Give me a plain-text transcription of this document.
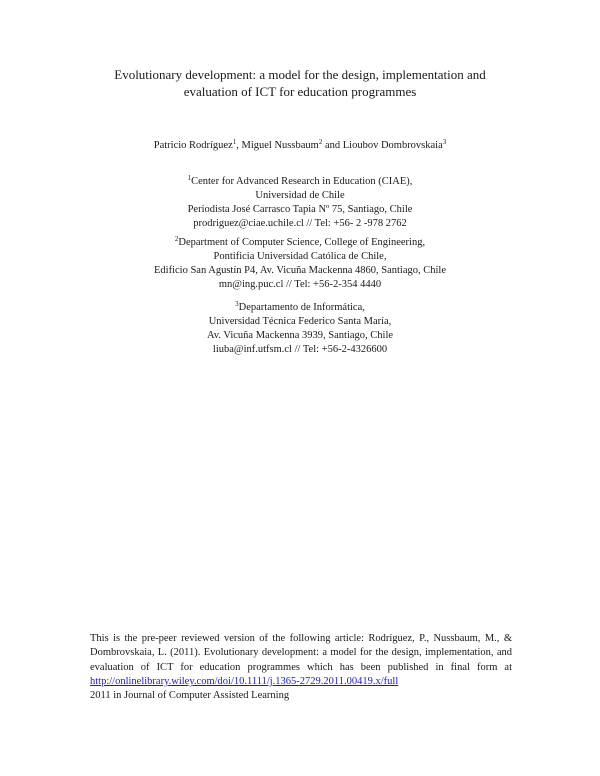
Evolutionary development: a model for the design, implementation and
evaluation of ICT for education programmes
Patricio Rodríguez$^1$, Miguel Nussbaum$^2$ and Lioubov Dombrovskaia$^3$
$^1$Center for Advanced Research in Education (CIAE),
Universidad de Chile
Periodista José Carrasco Tapia Nº 75, Santiago, Chile
prodriguez@ciae.uchile.cl // Tel: +56- 2 -978 2762
$^2$Department of Computer Science, College of Engineering,
Pontificia Universidad Católica de Chile,
Edificio San Agustín P4, Av. Vicuña Mackenna 4860, Santiago, Chile
mn@ing.puc.cl // Tel: +56-2-354 4440
$^3$Departamento de Informática,
Universidad Técnica Federico Santa María,
Av. Vicuña Mackenna 3939, Santiago, Chile
liuba@inf.utfsm.cl // Tel: +56-2-4326600
This is the pre-peer reviewed version of the following article: Rodríguez, P., Nussbaum, M., & Dombrovskaia, L. (2011). Evolutionary development: a model for the design, implementation, and evaluation of ICT for education programmes which has been published in final form at http://onlinelibrary.wiley.com/doi/10.1111/j.1365-2729.2011.00419.x/full
2011 in Journal of Computer Assisted Learning
